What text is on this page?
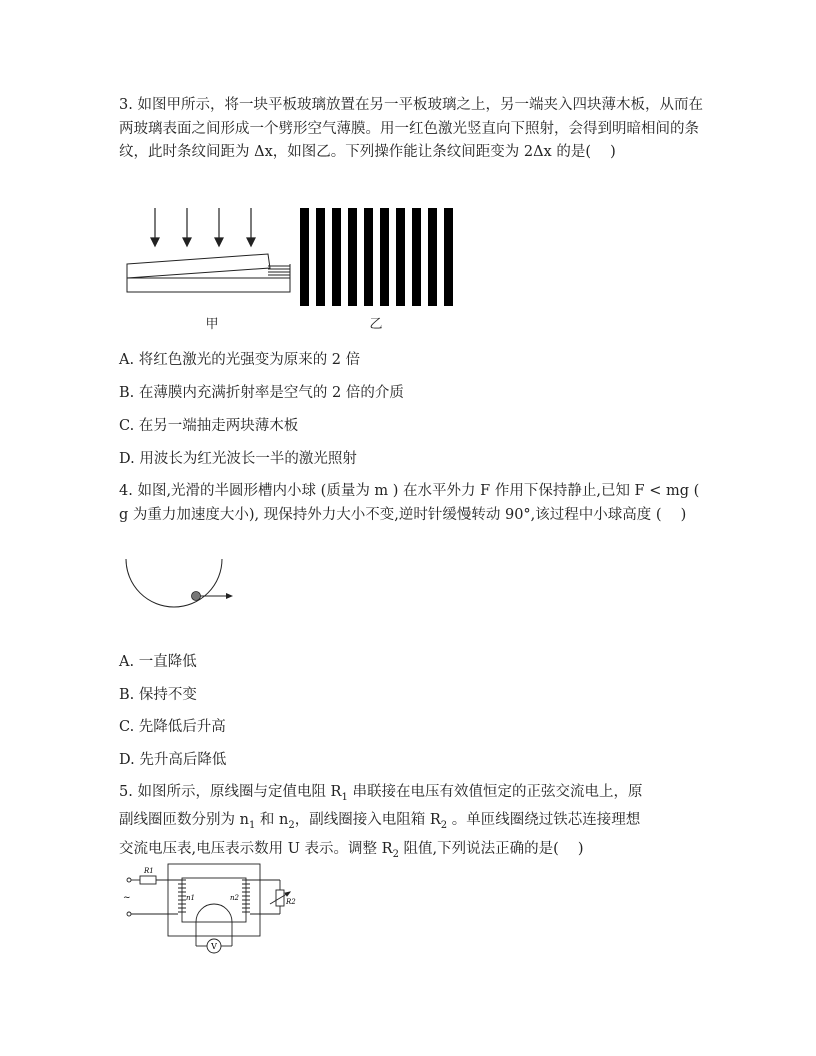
3. 如图甲所示，将一块平板玻璃放置在另一平板玻璃之上，另一端夹入四块薄木板，从而在两玻璃表面之间形成一个劈形空气薄膜。用一红色激光竖直向下照射，会得到明暗相间的条纹，此时条纹间距为 Δx，如图乙。下列操作能让条纹间距变为 2Δx 的是(　 )
甲	乙
A. 将红色激光的光强变为原来的 2 倍
B. 在薄膜内充满折射率是空气的 2 倍的介质
C. 在另一端抽走两块薄木板
D. 用波长为红光波长一半的激光照射
4. 如图,光滑的半圆形槽内小球 (质量为 m ) 在水平外力 F 作用下保持静止,已知 F < mg ( g 为重力加速度大小), 现保持外力大小不变,逆时针缓慢转动 90°,该过程中小球高度 (　 )
A. 一直降低
B. 保持不变
C. 先降低后升高
D. 先升高后降低
5. 如图所示，原线圈与定值电阻 $R_1$ 串联接在电压有效值恒定的正弦交流电上，原
副线圈匝数分别为 $n_1$ 和 $n_2$，副线圈接入电阻箱 $R_2$ 。单匝线圈绕过铁芯连接理想
交流电压表,电压表示数用 U 表示。调整 $R_2$ 阻值,下列说法正确的是(　 )
R1
n1	n2	R2
~
V
